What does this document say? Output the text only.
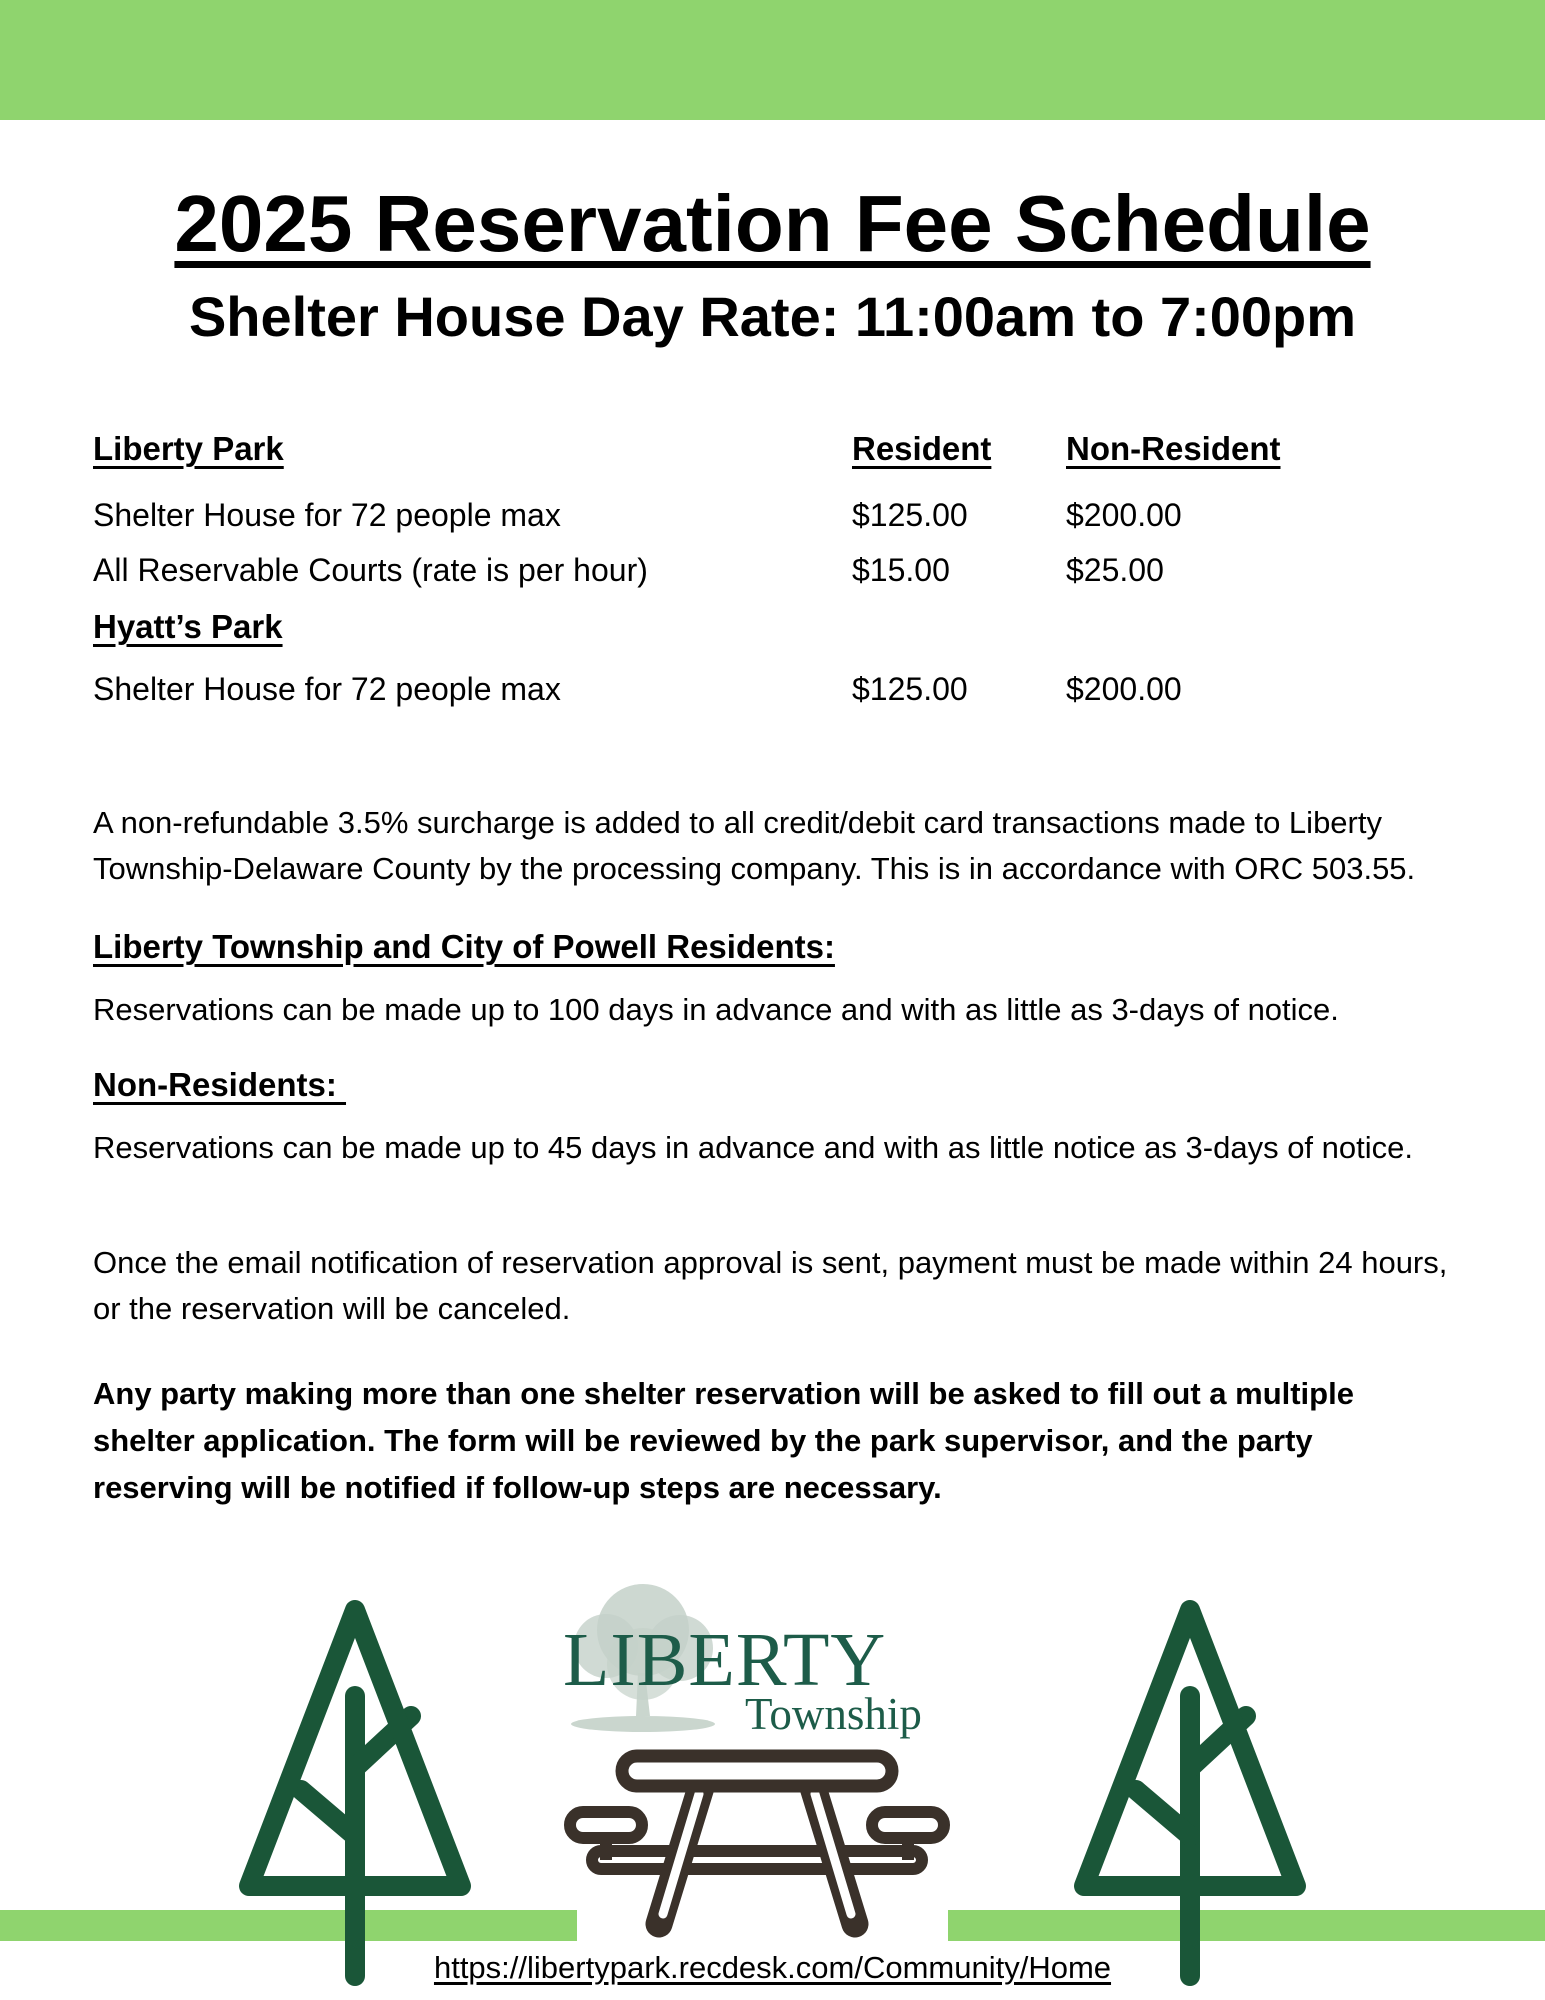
2025 Reservation Fee Schedule
Shelter House Day Rate: 11:00am to 7:00pm
Liberty Park	Resident Non-Resident
Shelter House for 72 people max	$125.00	$200.00
All Reservable Courts (rate is per hour)	$15.00	$25.00
Hyatt’s Park
Shelter House for 72 people max	$125.00	$200.00
A non-refundable 3.5% surcharge is added to all credit/debit card transactions made to Liberty
Township-Delaware County by the processing company. This is in accordance with ORC 503.55.
Liberty Township and City of Powell Residents:
Reservations can be made up to 100 days in advance and with as little as 3-days of notice.
Non-Residents:
Reservations can be made up to 45 days in advance and with as little notice as 3-days of notice.
Once the email notification of reservation approval is sent, payment must be made within 24 hours,
or the reservation will be canceled.
Any party making more than one shelter reservation will be asked to fill out a multiple
shelter application. The form will be reviewed by the park supervisor, and the party
reserving will be notified if follow-up steps are necessary.
LIBERTY
Township
https://libertypark.recdesk.com/Community/Home
